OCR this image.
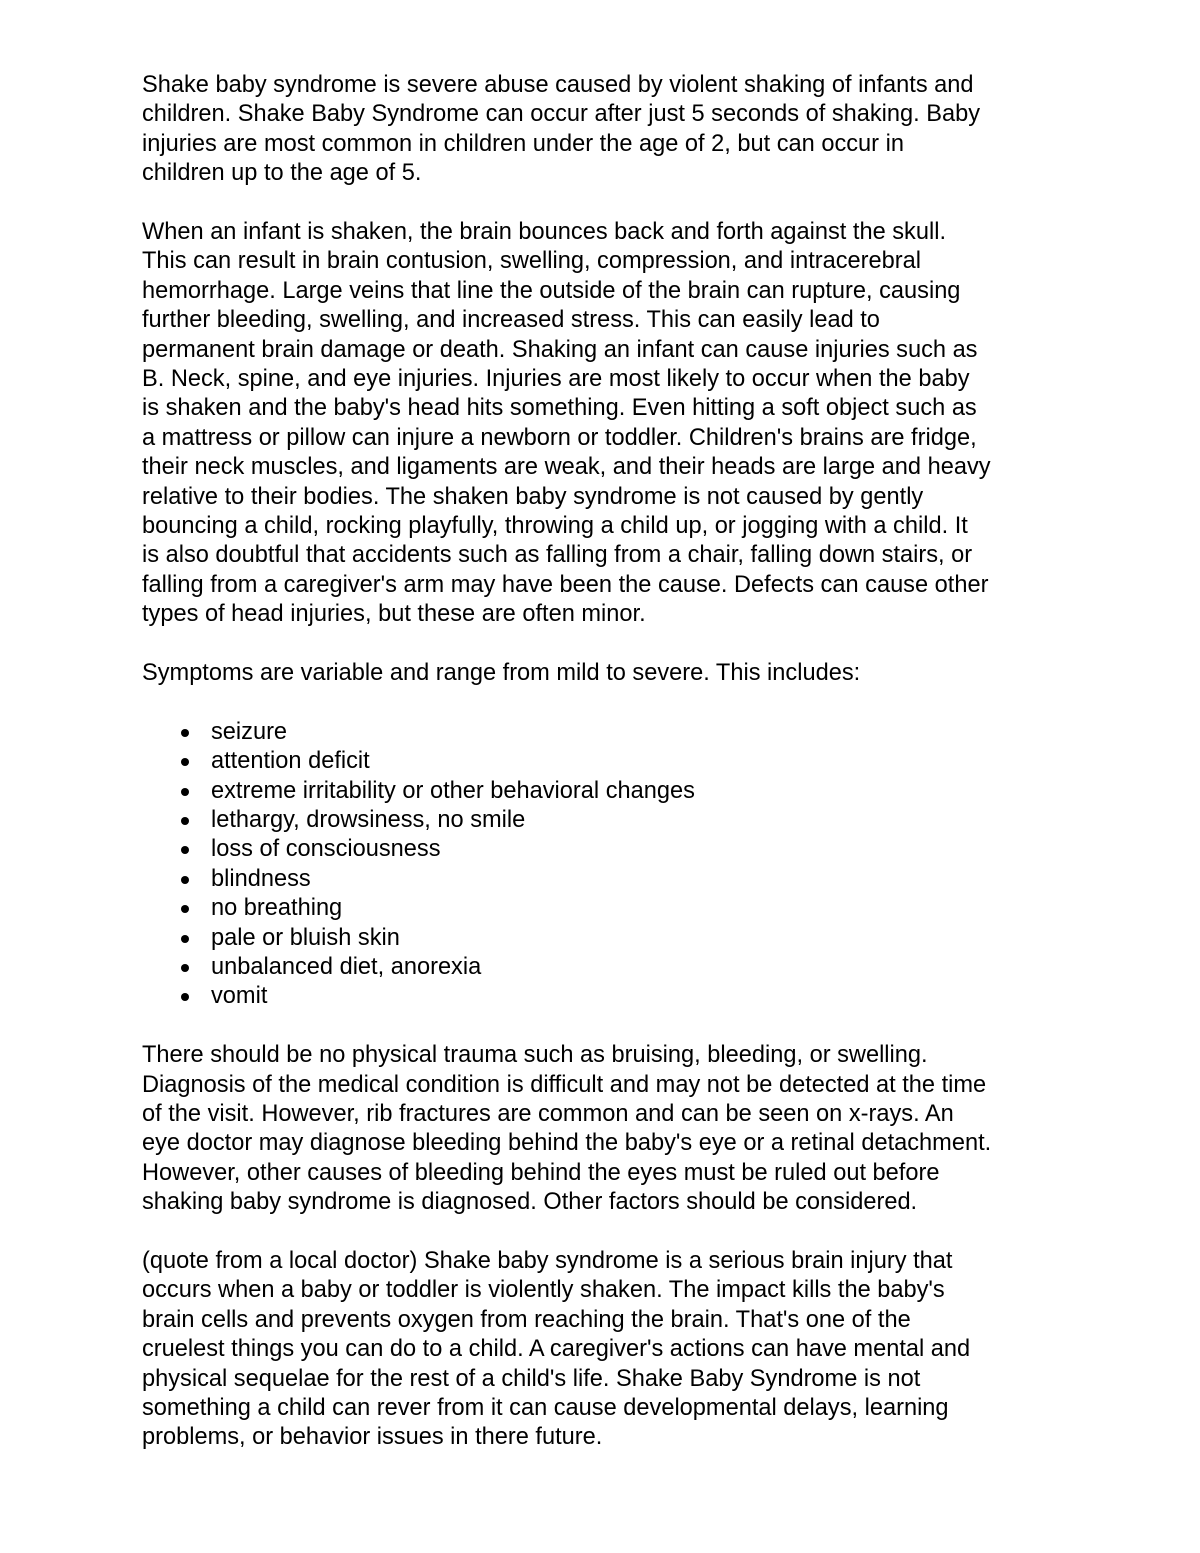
Shake baby syndrome is severe abuse caused by violent shaking of infants and
children. Shake Baby Syndrome can occur after just 5 seconds of shaking. Baby
injuries are most common in children under the age of 2, but can occur in
children up to the age of 5.

When an infant is shaken, the brain bounces back and forth against the skull.
This can result in brain contusion, swelling, compression, and intracerebral
hemorrhage. Large veins that line the outside of the brain can rupture, causing
further bleeding, swelling, and increased stress. This can easily lead to
permanent brain damage or death. Shaking an infant can cause injuries such as
B. Neck, spine, and eye injuries. Injuries are most likely to occur when the baby
is shaken and the baby's head hits something. Even hitting a soft object such as
a mattress or pillow can injure a newborn or toddler. Children's brains are fridge,
their neck muscles, and ligaments are weak, and their heads are large and heavy
relative to their bodies. The shaken baby syndrome is not caused by gently
bouncing a child, rocking playfully, throwing a child up, or jogging with a child. It
is also doubtful that accidents such as falling from a chair, falling down stairs, or
falling from a caregiver's arm may have been the cause. Defects can cause other
types of head injuries, but these are often minor.

Symptoms are variable and range from mild to severe. This includes:

seizure
attention deficit
extreme irritability or other behavioral changes
lethargy, drowsiness, no smile
loss of consciousness
blindness
no breathing
pale or bluish skin
unbalanced diet, anorexia
vomit

There should be no physical trauma such as bruising, bleeding, or swelling.
Diagnosis of the medical condition is difficult and may not be detected at the time
of the visit. However, rib fractures are common and can be seen on x-rays. An
eye doctor may diagnose bleeding behind the baby's eye or a retinal detachment.
However, other causes of bleeding behind the eyes must be ruled out before
shaking baby syndrome is diagnosed. Other factors should be considered.

(quote from a local doctor) Shake baby syndrome is a serious brain injury that
occurs when a baby or toddler is violently shaken. The impact kills the baby's
brain cells and prevents oxygen from reaching the brain. That's one of the
cruelest things you can do to a child. A caregiver's actions can have mental and
physical sequelae for the rest of a child's life. Shake Baby Syndrome is not
something a child can rever from it can cause developmental delays, learning
problems, or behavior issues in there future.
